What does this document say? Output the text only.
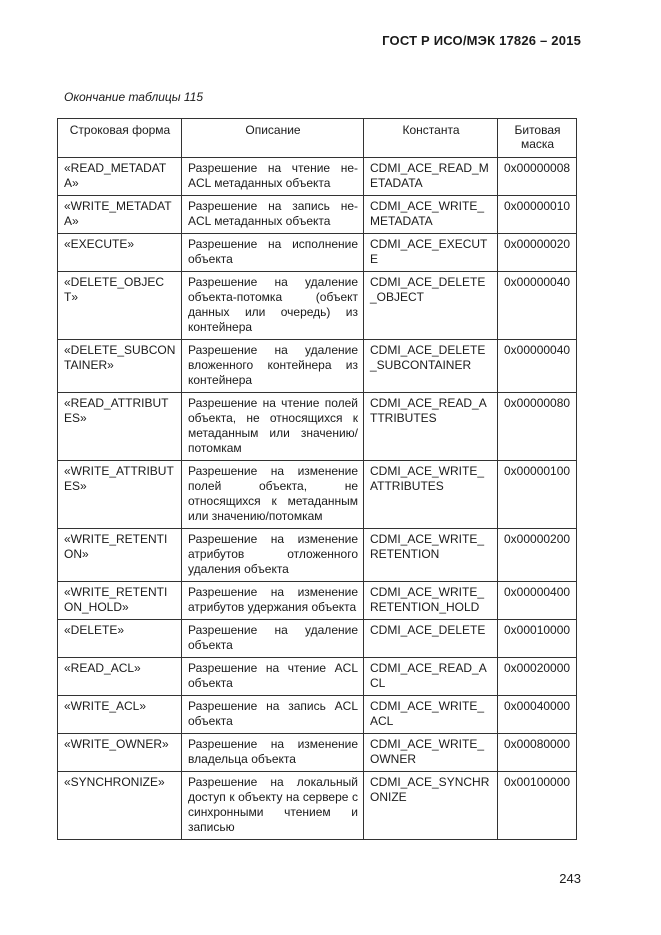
ГОСТ Р ИСО/МЭК 17826 – 2015
Окончание таблицы 115
Строковая форма	Описание	Константа	Битовая маска
«READ_METADATA»	Разрешение на чтение не-ACL метаданных объекта	CDMI_ACE_READ_METADATA	0x00000008
«WRITE_METADATA»	Разрешение на запись не-ACL метаданных объекта	CDMI_ACE_WRITE_METADATA	0x00000010
«EXECUTE»	Разрешение на исполнение объекта	CDMI_ACE_EXECUTE	0x00000020
«DELETE_OBJECT»	Разрешение на удаление объекта-потомка (объект данных или очередь) из контейнера	CDMI_ACE_DELETE_OBJECT	0x00000040
«DELETE_SUBCONTAINER»	Разрешение на удаление вложенного контейнера из контейнера	CDMI_ACE_DELETE_SUBCONTAINER	0x00000040
«READ_ATTRIBUTES»	Разрешение на чтение полей объекта, не относящихся к метаданным или значению/потомкам	CDMI_ACE_READ_ATTRIBUTES	0x00000080
«WRITE_ATTRIBUTES»	Разрешение на изменение полей объекта, не относящихся к метаданным или значению/потомкам	CDMI_ACE_WRITE_ATTRIBUTES	0x00000100
«WRITE_RETENTION»	Разрешение на изменение атрибутов отложенного удаления объекта	CDMI_ACE_WRITE_RETENTION	0x00000200
«WRITE_RETENTION_HOLD»	Разрешение на изменение атрибутов удержания объекта	CDMI_ACE_WRITE_RETENTION_HOLD	0x00000400
«DELETE»	Разрешение на удаление объекта	CDMI_ACE_DELETE	0x00010000
«READ_ACL»	Разрешение на чтение ACL объекта	CDMI_ACE_READ_ACL	0x00020000
«WRITE_ACL»	Разрешение на запись ACL объекта	CDMI_ACE_WRITE_ACL	0x00040000
«WRITE_OWNER»	Разрешение на изменение владельца объекта	CDMI_ACE_WRITE_OWNER	0x00080000
«SYNCHRONIZE»	Разрешение на локальный доступ к объекту на сервере с синхронными чтением и записью	CDMI_ACE_SYNCHRONIZE	0x00100000
243
